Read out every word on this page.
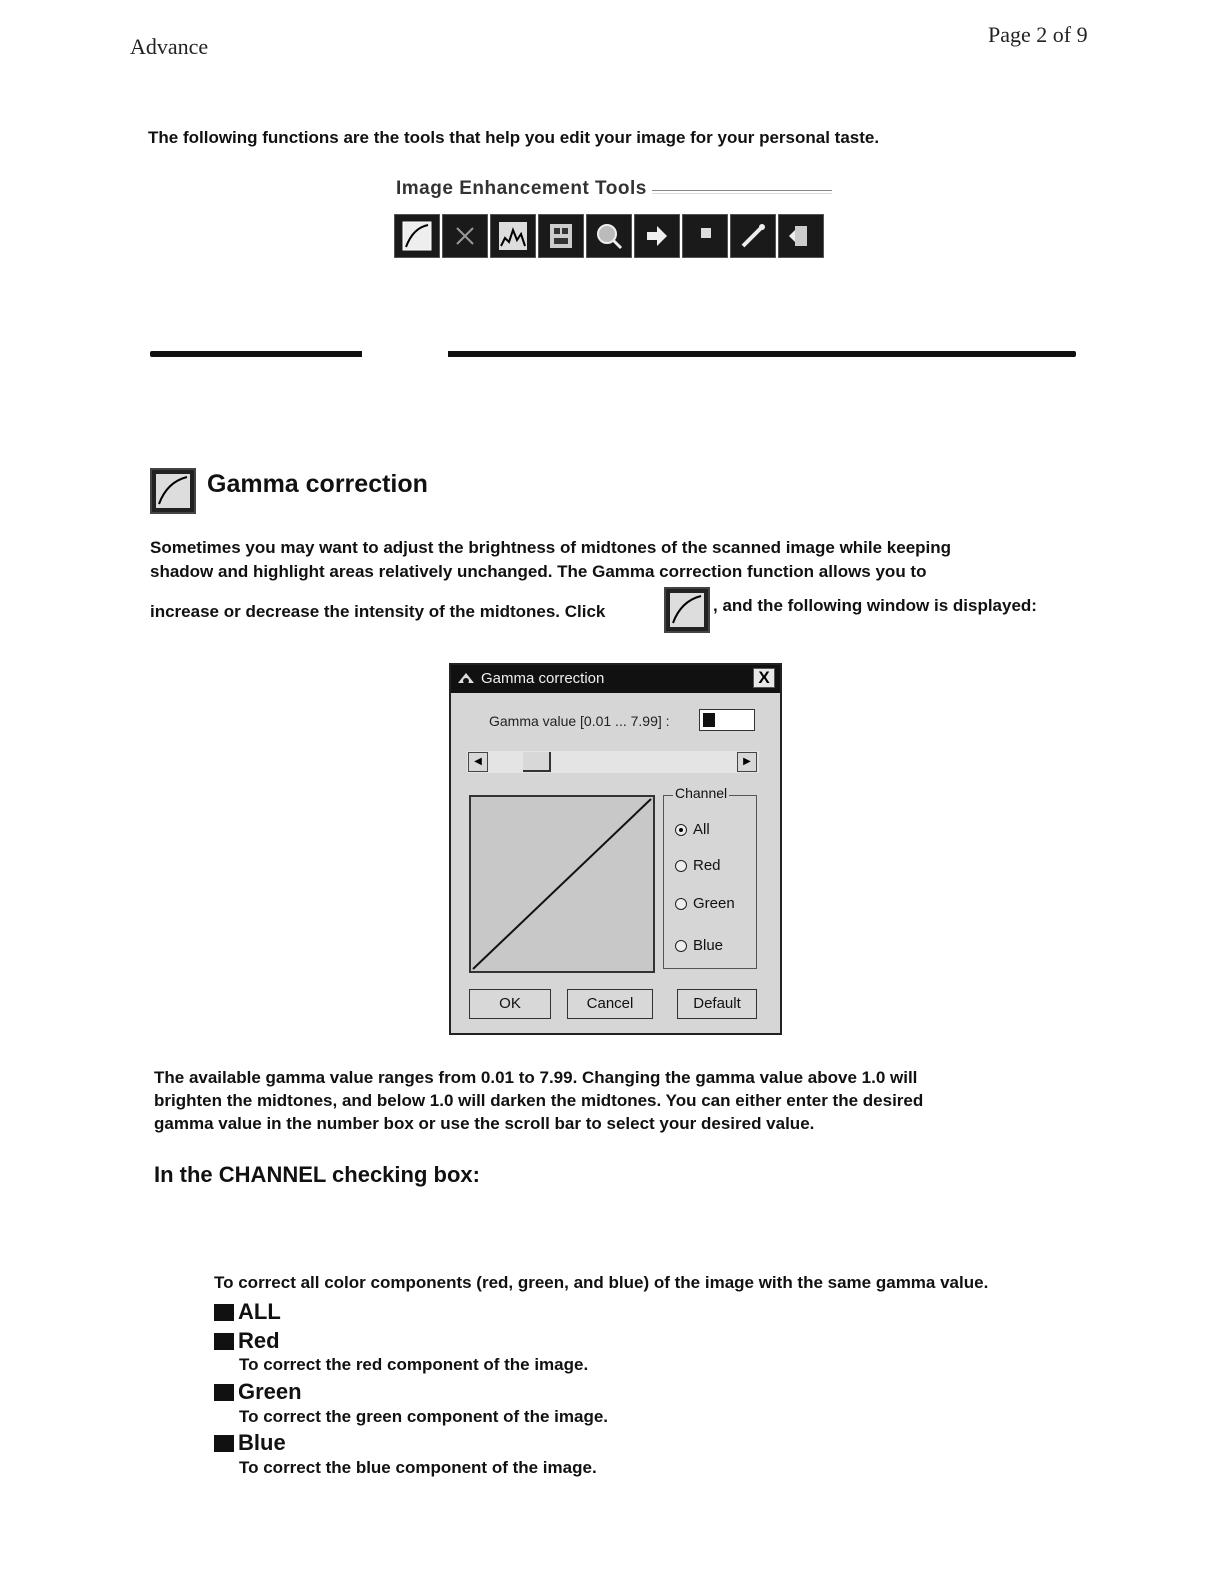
Advance	Page 2 of 9
The following functions are the tools that help you edit your image for your personal taste.
Image Enhancement Tools
Gamma correction
Sometimes you may want to adjust the brightness of midtones of the scanned image while keeping
shadow and highlight areas relatively unchanged. The Gamma correction function allows you to
increase or decrease the intensity of the midtones. Click	, and the following window is displayed:
Gamma correction	X
Gamma value [0.01 ... 7.99] :
◀	▶
Channel
All
Red
Green
Blue
OK	Cancel	Default
The available gamma value ranges from 0.01 to 7.99. Changing the gamma value above 1.0 will
brighten the midtones, and below 1.0 will darken the midtones. You can either enter the desired
gamma value in the number box or use the scroll bar to select your desired value.
In the CHANNEL checking box:
To correct all color components (red, green, and blue) of the image with the same gamma value.
ALL
Red
To correct the red component of the image.
Green
To correct the green component of the image.
Blue
To correct the blue component of the image.
